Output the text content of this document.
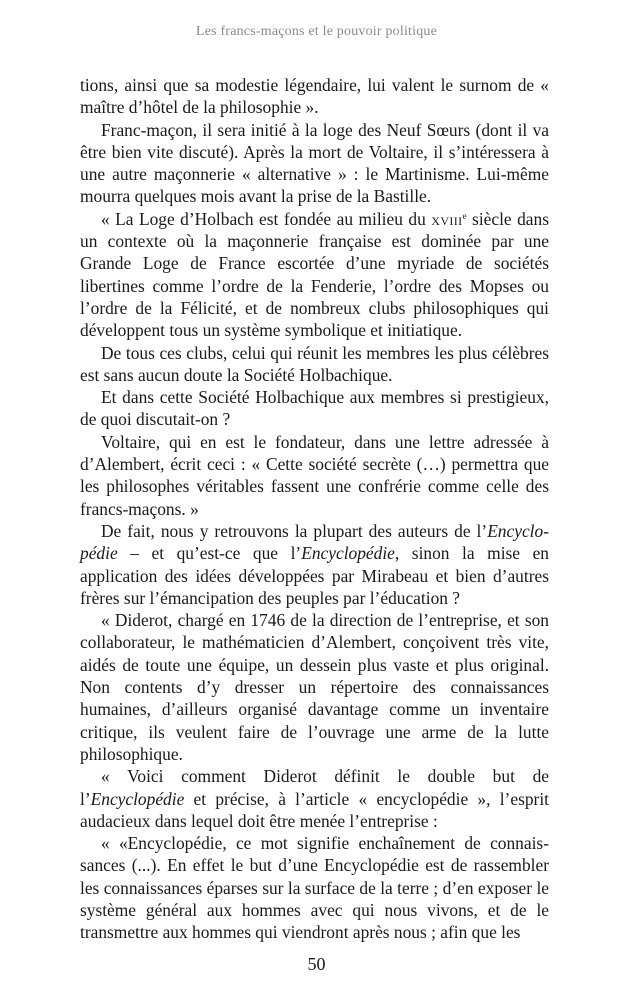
Les francs-maçons et le pouvoir politique

tions, ainsi que sa modestie légendaire, lui valent le surnom de « maître d’hôtel de la philosophie ».

Franc-maçon, il sera initié à la loge des Neuf Sœurs (dont il va être bien vite discuté). Après la mort de Voltaire, il s’intéressera à une autre maçonnerie « alternative » : le Martinisme. Lui-même mourra quelques mois avant la prise de la Bastille.

« La Loge d’Holbach est fondée au milieu du xviii$^e$ siècle dans un contexte où la maçonnerie française est dominée par une Grande Loge de France escortée d’une myriade de sociétés libertines comme l’ordre de la Fenderie, l’ordre des Mopses ou l’ordre de la Félicité, et de nombreux clubs philosophiques qui développent tous un système symbolique et initiatique.

De tous ces clubs, celui qui réunit les membres les plus célèbres est sans aucun doute la Société Holbachique.

Et dans cette Société Holbachique aux membres si prestigieux, de quoi discutait-on ?

Voltaire, qui en est le fondateur, dans une lettre adressée à d’Alembert, écrit ceci : « Cette société secrète (…) permettra que les philosophes véritables fassent une confrérie comme celle des francs-maçons. »

De fait, nous y retrouvons la plupart des auteurs de l’Encyclopédie – et qu’est-ce que l’Encyclopédie, sinon la mise en application des idées développées par Mirabeau et bien d’autres frères sur l’émancipation des peuples par l’éducation ?

« Diderot, chargé en 1746 de la direction de l’entreprise, et son collaborateur, le mathématicien d’Alembert, conçoivent très vite, aidés de toute une équipe, un dessein plus vaste et plus original. Non contents d’y dresser un répertoire des connaissances humaines, d’ailleurs organisé davantage comme un inventaire critique, ils veulent faire de l’ouvrage une arme de la lutte philosophique.

« Voici comment Diderot définit le double but de l’Encyclopédie et précise, à l’article « encyclopédie », l’esprit audacieux dans lequel doit être menée l’entreprise :

« «Encyclopédie, ce mot signifie enchaînement de connaissances (...). En effet le but d’une Encyclopédie est de rassembler les connaissances éparses sur la surface de la terre ; d’en exposer le système général aux hommes avec qui nous vivons, et de le transmettre aux hommes qui viendront après nous ; afin que les

50
